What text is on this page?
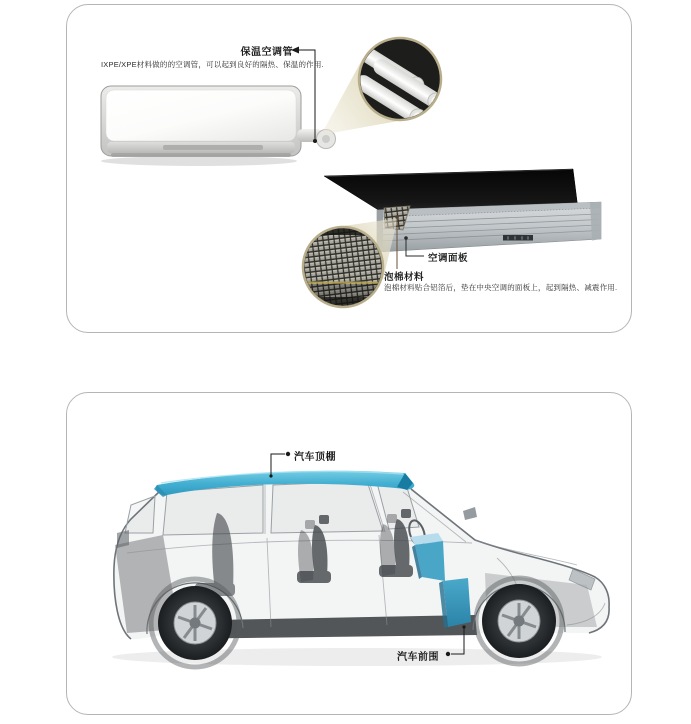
保温空调管
IXPE/XPE材料做的的空调管，可以起到良好的隔热、保温的作用.
空调面板
泡棉材料
泡棉材料贴合铝箔后，垫在中央空调的面板上，起到隔热、减震作用.
汽车顶棚
汽车前围
